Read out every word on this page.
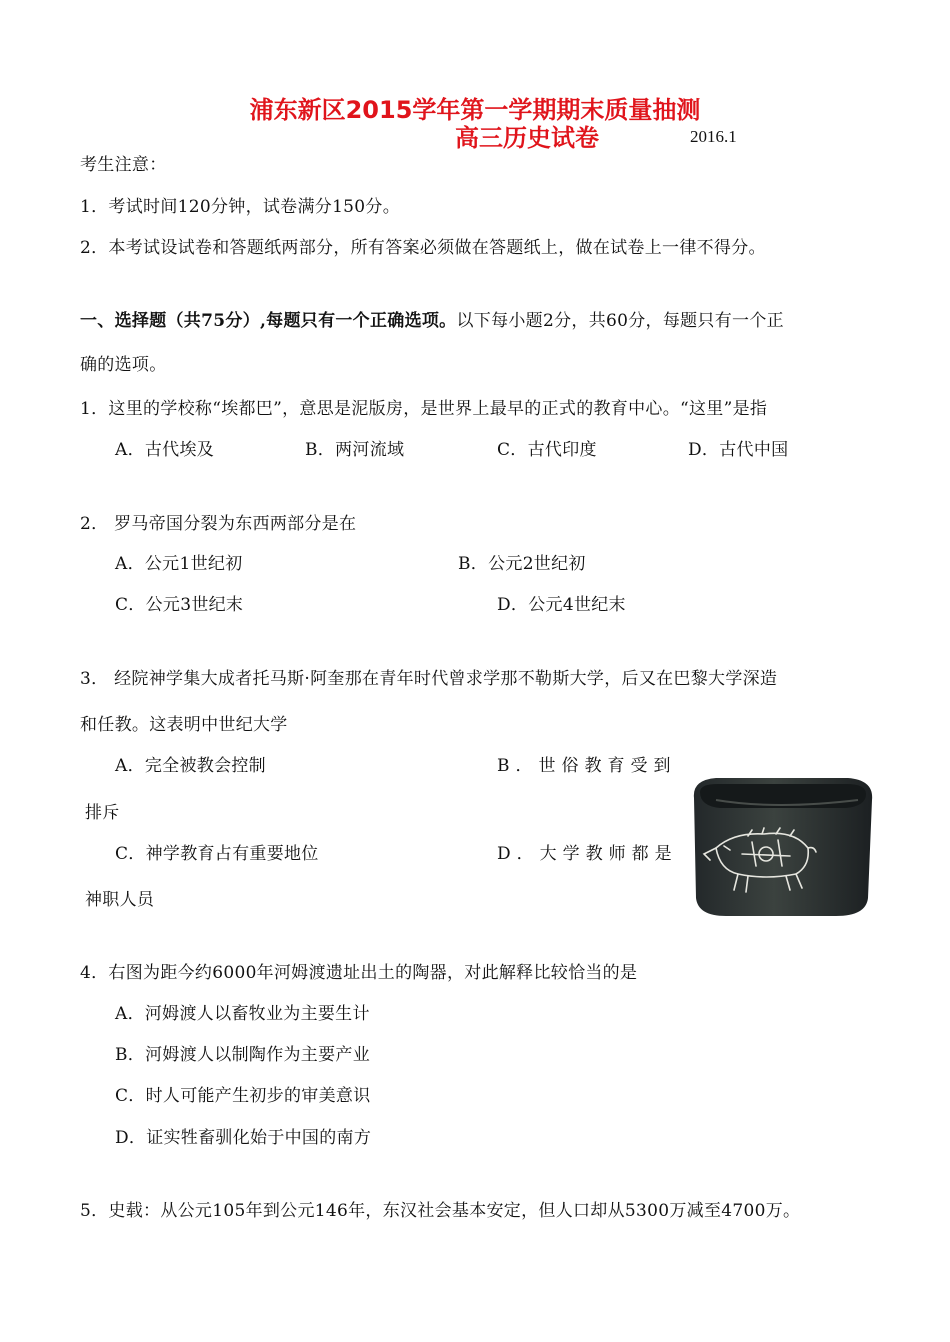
浦东新区2015学年第一学期期末质量抽测
高三历史试卷	2016.1
考生注意：
1．考试时间120分钟，试卷满分150分。
2．本考试设试卷和答题纸两部分，所有答案必须做在答题纸上，做在试卷上一律不得分。
一、选择题（共75分）,每题只有一个正确选项。以下每小题2分，共60分，每题只有一个正
确的选项。
1．这里的学校称“埃都巴”，意思是泥版房，是世界上最早的正式的教育中心。“这里”是指
A．古代埃及	B．两河流域	C．古代印度	D．古代中国
2． 罗马帝国分裂为东西两部分是在
A．公元1世纪初	B．公元2世纪初
C．公元3世纪末	D．公元4世纪末
3． 经院神学集大成者托马斯·阿奎那在青年时代曾求学那不勒斯大学，后又在巴黎大学深造
和任教。这表明中世纪大学
A．完全被教会控制	B．世俗教育受到
排斥
C．神学教育占有重要地位	D．大学教师都是
神职人员
4．右图为距今约6000年河姆渡遗址出土的陶器，对此解释比较恰当的是
A．河姆渡人以畜牧业为主要生计
B．河姆渡人以制陶作为主要产业
C．时人可能产生初步的审美意识
D．证实牲畜驯化始于中国的南方
5．史载：从公元105年到公元146年，东汉社会基本安定，但人口却从5300万减至4700万。
